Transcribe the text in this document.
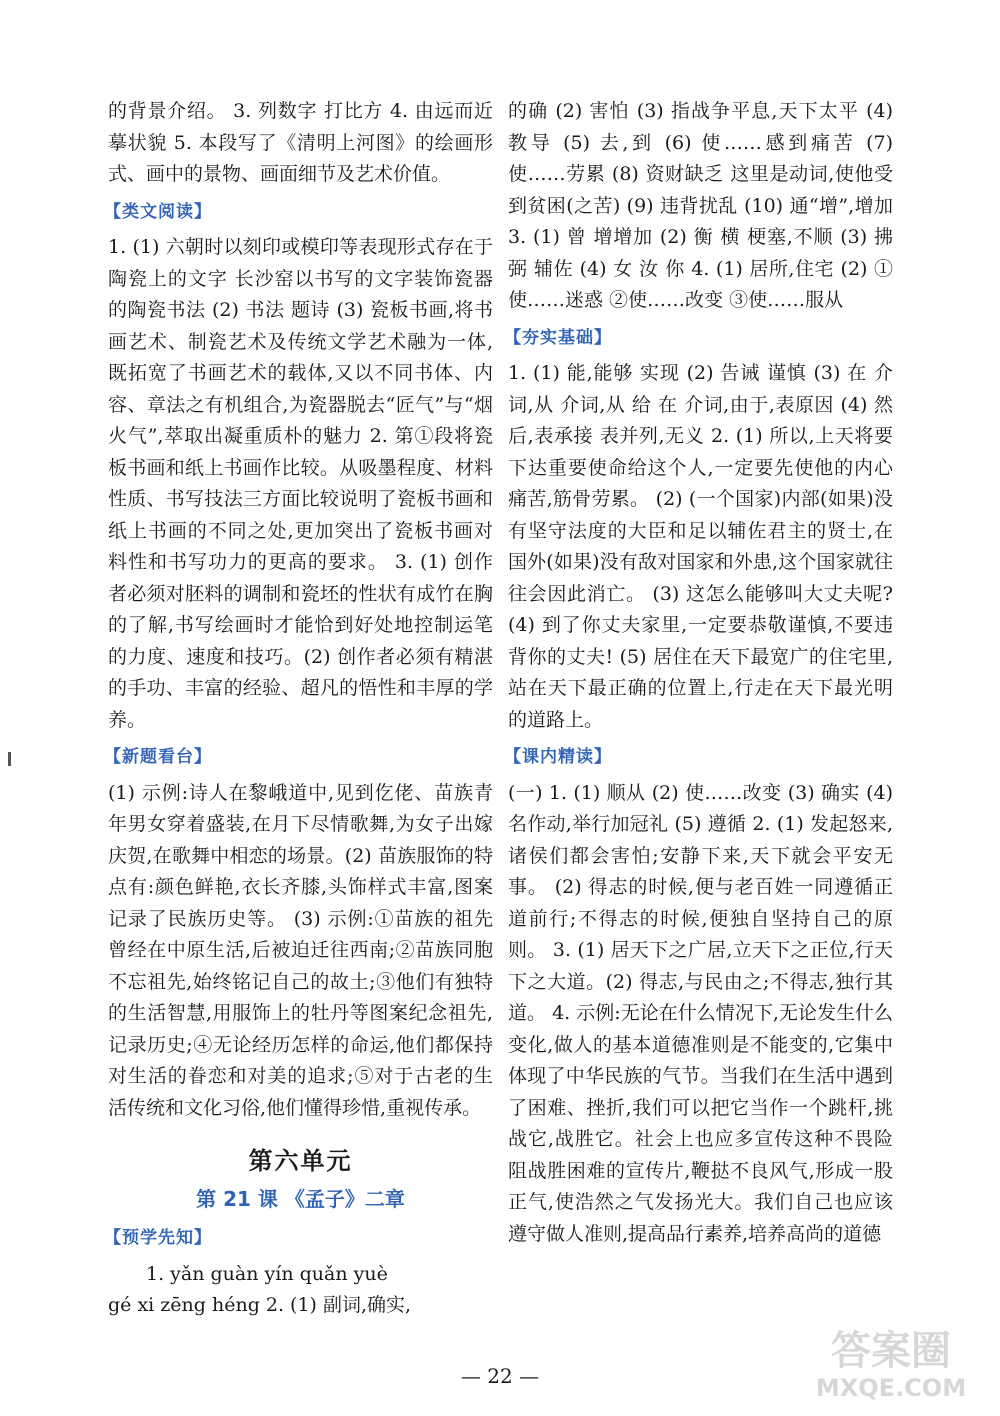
的背景介绍。 3. 列数字 打比方 4. 由远而近 摹状貌 5. 本段写了《清明上河图》的绘画形式、画中的景物、画面细节及艺术价值。

【类文阅读】

1. (1) 六朝时以刻印或模印等表现形式存在于陶瓷上的文字 长沙窑以书写的文字装饰瓷器的陶瓷书法 (2) 书法 题诗 (3) 瓷板书画,将书画艺术、制瓷艺术及传统文学艺术融为一体,既拓宽了书画艺术的载体,又以不同书体、内容、章法之有机组合,为瓷器脱去“匠气”与“烟火气”,萃取出凝重质朴的魅力 2. 第①段将瓷板书画和纸上书画作比较。从吸墨程度、材料性质、书写技法三方面比较说明了瓷板书画和纸上书画的不同之处,更加突出了瓷板书画对料性和书写功力的更高的要求。 3. (1) 创作者必须对胚料的调制和瓷坯的性状有成竹在胸的了解,书写绘画时才能恰到好处地控制运笔的力度、速度和技巧。(2) 创作者必须有精湛的手功、丰富的经验、超凡的悟性和丰厚的学养。

【新题看台】

(1) 示例:诗人在黎峨道中,见到仡佬、苗族青年男女穿着盛装,在月下尽情歌舞,为女子出嫁庆贺,在歌舞中相恋的场景。(2) 苗族服饰的特点有:颜色鲜艳,衣长齐膝,头饰样式丰富,图案记录了民族历史等。 (3) 示例:①苗族的祖先曾经在中原生活,后被迫迁往西南;②苗族同胞不忘祖先,始终铭记自己的故土;③他们有独特的生活智慧,用服饰上的牡丹等图案纪念祖先,记录历史;④无论经历怎样的命运,他们都保持对生活的眷恋和对美的追求;⑤对于古老的生活传统和文化习俗,他们懂得珍惜,重视传承。

第六单元
第 21 课 《孟子》二章
【预学先知】

1. yǎn guàn yín quǎn yuè

gé xi zēng héng 2. (1) 副词,确实,

的确 (2) 害怕 (3) 指战争平息,天下太平 (4) 教导 (5) 去,到 (6) 使……感到痛苦 (7) 使……劳累 (8) 资财缺乏 这里是动词,使他受到贫困(之苦) (9) 违背扰乱 (10) 通“增”,增加 3. (1) 曾 增增加 (2) 衡 横 梗塞,不顺 (3) 拂 弼 辅佐 (4) 女 汝 你 4. (1) 居所,住宅 (2) ①使……迷惑 ②使……改变 ③使……服从

【夯实基础】

1. (1) 能,能够 实现 (2) 告诫 谨慎 (3) 在 介词,从 介词,从 给 在 介词,由于,表原因 (4) 然后,表承接 表并列,无义 2. (1) 所以,上天将要下达重要使命给这个人,一定要先使他的内心痛苦,筋骨劳累。 (2) (一个国家)内部(如果)没有坚守法度的大臣和足以辅佐君主的贤士,在国外(如果)没有敌对国家和外患,这个国家就往往会因此消亡。 (3) 这怎么能够叫大丈夫呢? (4) 到了你丈夫家里,一定要恭敬谨慎,不要违背你的丈夫! (5) 居住在天下最宽广的住宅里,站在天下最正确的位置上,行走在天下最光明的道路上。

【课内精读】

(一) 1. (1) 顺从 (2) 使……改变 (3) 确实 (4) 名作动,举行加冠礼 (5) 遵循 2. (1) 发起怒来,诸侯们都会害怕;安静下来,天下就会平安无事。 (2) 得志的时候,便与老百姓一同遵循正道前行;不得志的时候,便独自坚持自己的原则。 3. (1) 居天下之广居,立天下之正位,行天下之大道。(2) 得志,与民由之;不得志,独行其道。 4. 示例:无论在什么情况下,无论发生什么变化,做人的基本道德准则是不能变的,它集中体现了中华民族的气节。当我们在生活中遇到了困难、挫折,我们可以把它当作一个跳杆,挑战它,战胜它。社会上也应多宣传这种不畏险阻战胜困难的宣传片,鞭挞不良风气,形成一股正气,使浩然之气发扬光大。我们自己也应该遵守做人准则,提高品行素养,培养高尚的道德

— 22 —
答案圈
MXQE.COM
